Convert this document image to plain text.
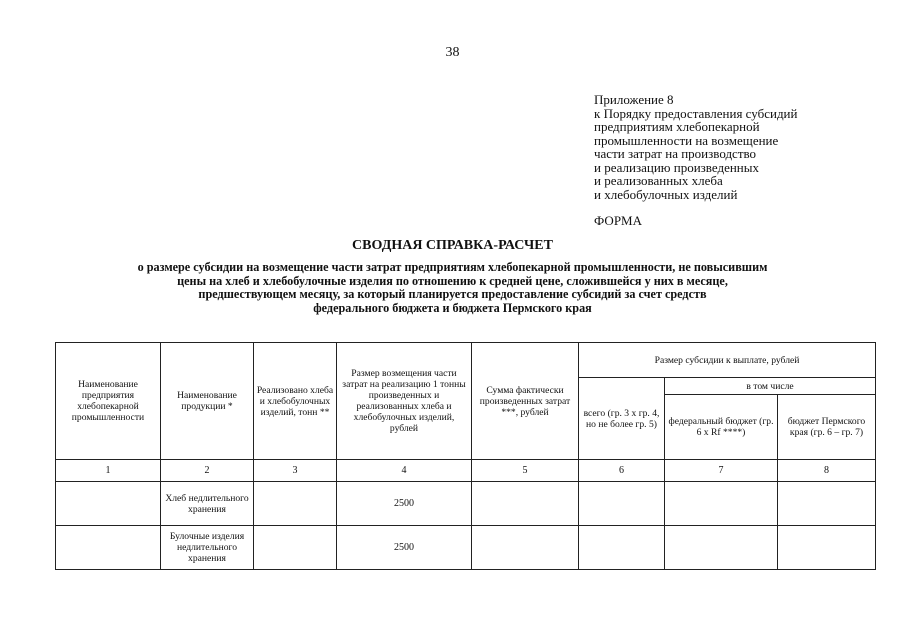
38
Приложение 8
к Порядку предоставления субсидий
предприятиям хлебопекарной
промышленности на возмещение
части затрат на производство
и реализацию произведенных
и реализованных хлеба
и хлебобулочных изделий
ФОРМА
СВОДНАЯ СПРАВКА-РАСЧЕТ
о размере субсидии на возмещение части затрат предприятиям хлебопекарной промышленности, не повысившим
цены на хлеб и хлебобулочные изделия по отношению к средней цене, сложившейся у них в месяце,
предшествующем месяцу, за который планируется предоставление субсидий за счет средств
федерального бюджета и бюджета Пермского края
Наименование предприятия хлебопекарной промышленности	Наименование продукции *	Реализовано хлеба и хлебобулочных изделий, тонн **	Размер возмещения части затрат на реализацию 1 тонны произведенных и реализованных хлеба и хлебобулочных изделий, рублей	Сумма фактически произведенных затрат ***, рублей	Размер субсидии к выплате, рублей		
					всего (гр. 3 х гр. 4, но не более гр. 5)	в том числе	
						федеральный бюджет (гр. 6 х Rf ****)	бюджет Пермского края (гр. 6 – гр. 7)
1	2	3	4	5	6	7	8
	Хлеб недлительного хранения		2500				
	Булочные изделия недлительного хранения		2500				
